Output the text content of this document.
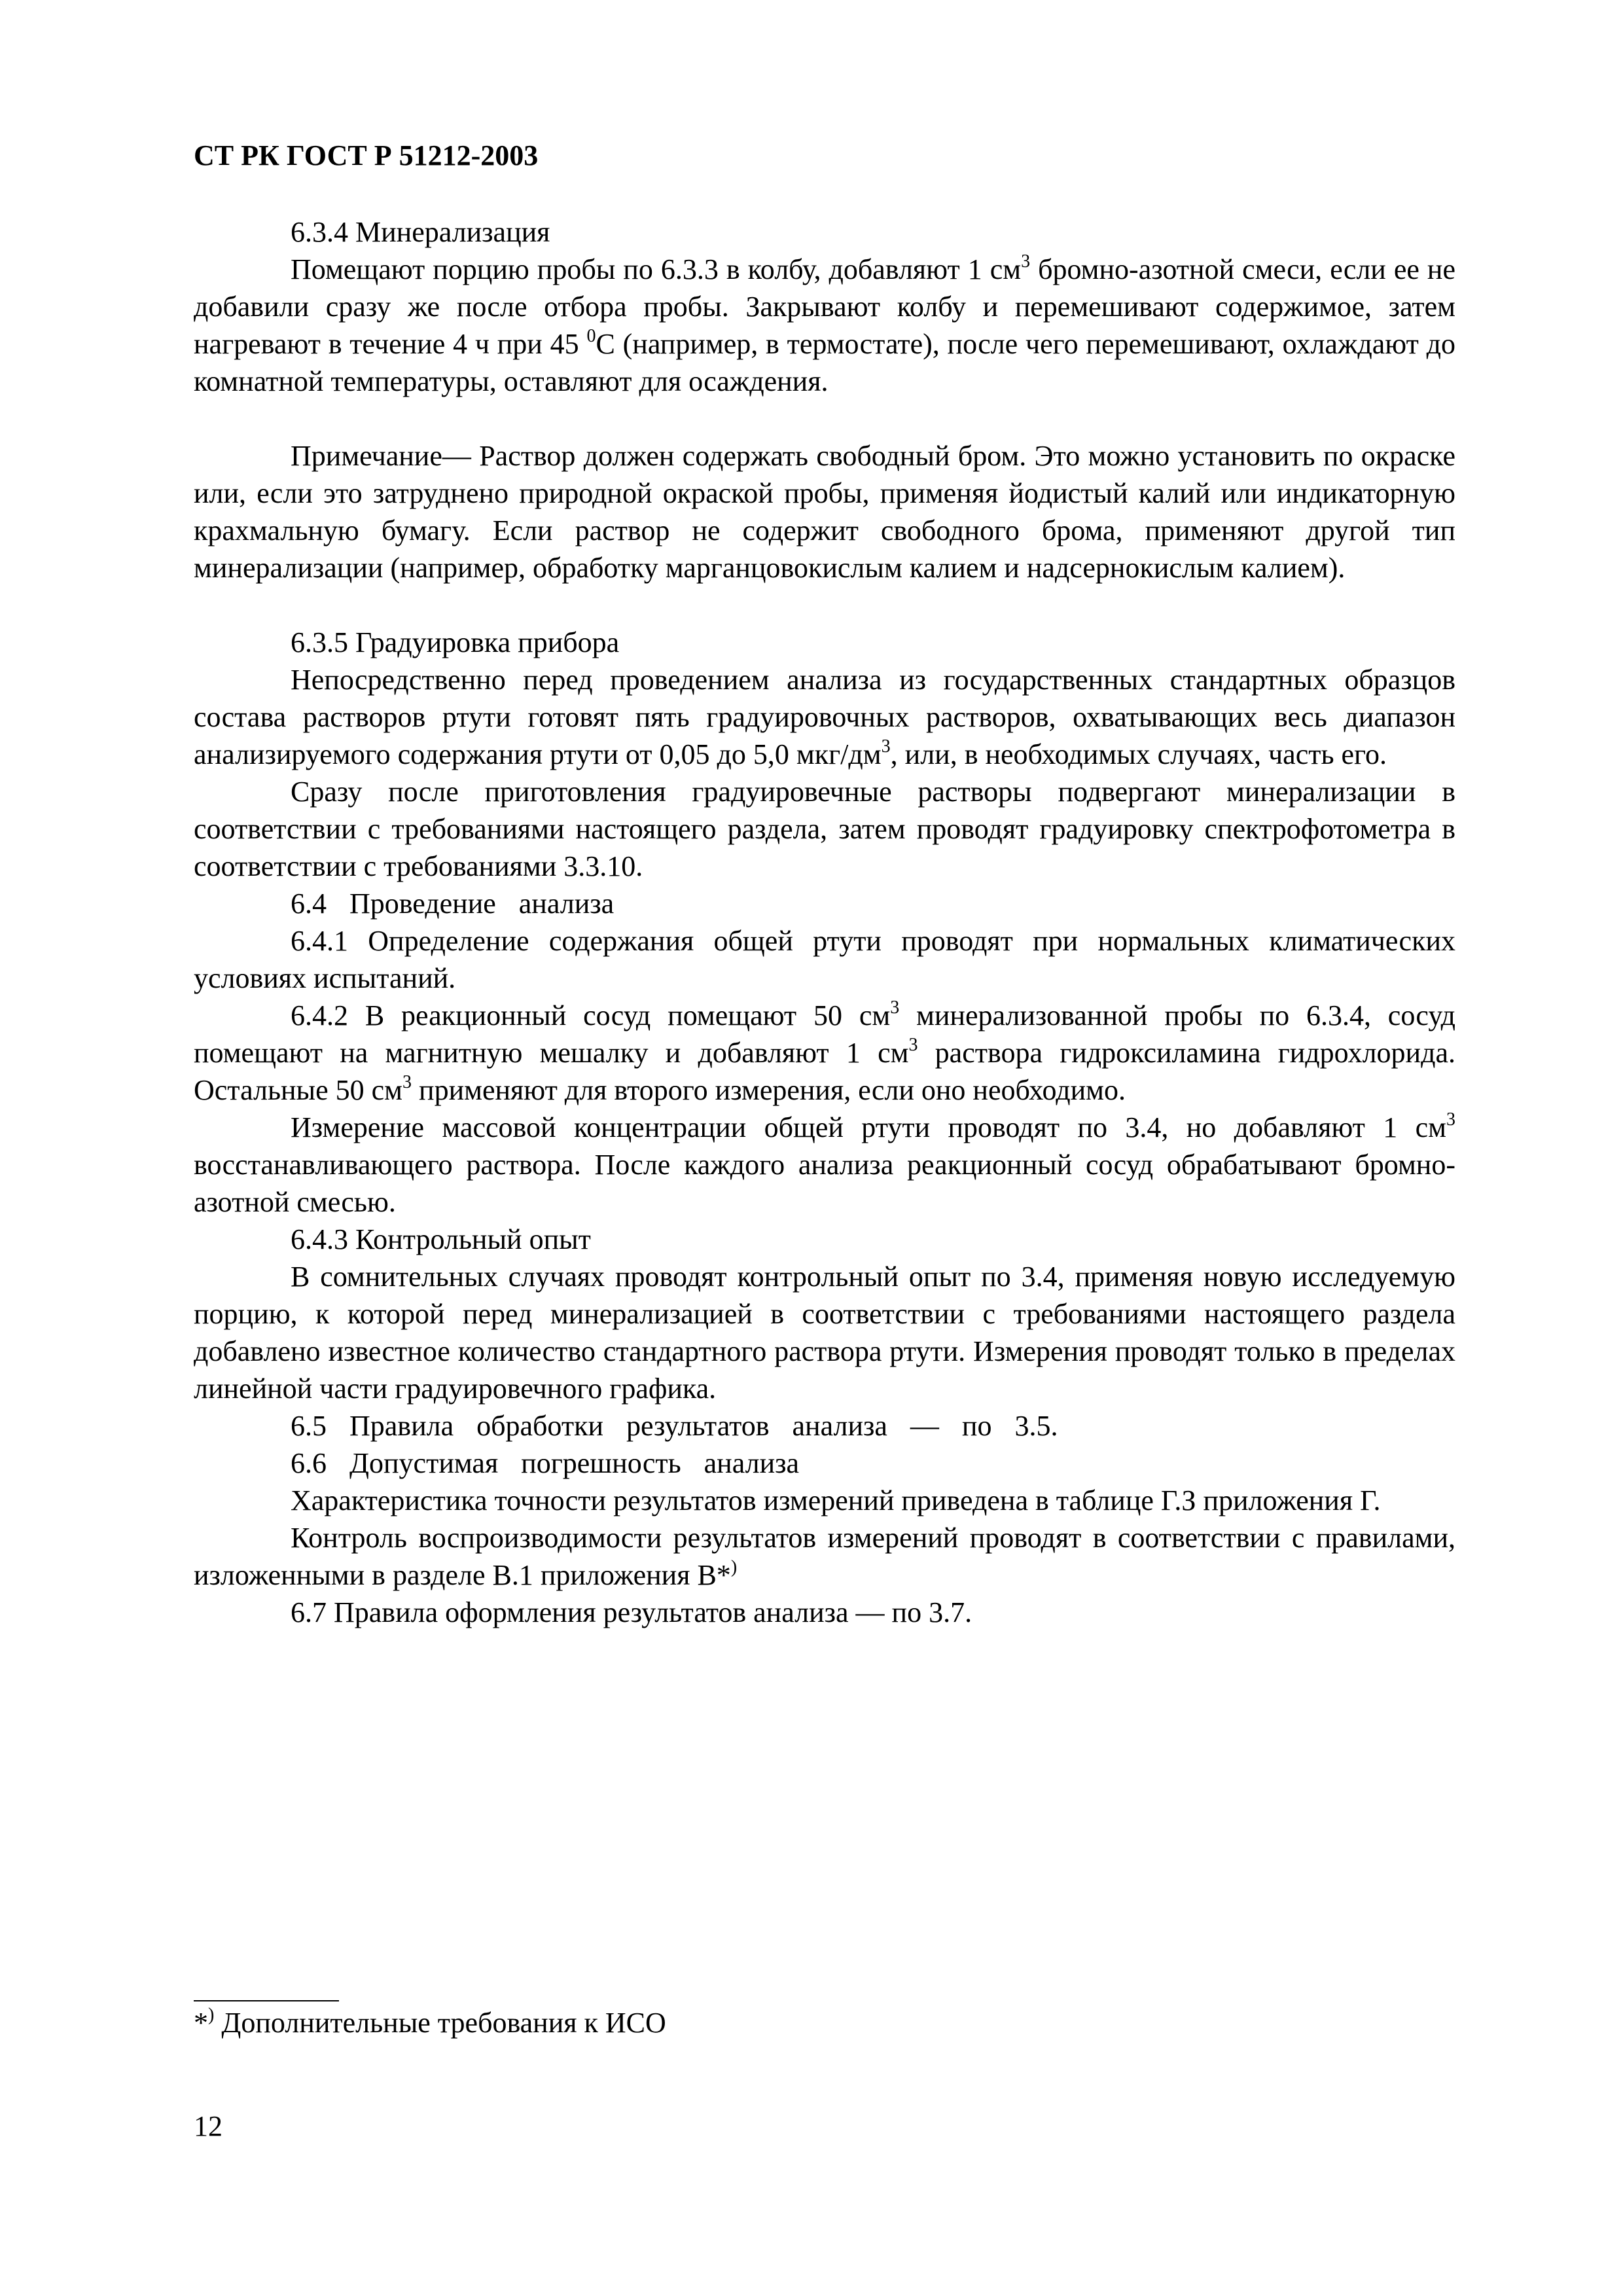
СТ РК ГОСТ Р 51212-2003

6.3.4 Минерализация

Помещают порцию пробы по 6.3.3 в колбу, добавляют 1 $см^3$ бромно-азотной смеси, если ее не добавили сразу же после отбора пробы. Закрывают колбу и перемешивают содержимое, затем нагревают в течение 4 ч при 45 $^0$С (например, в термостате), после чего перемешивают, охлаждают до комнатной температуры, оставляют для осаждения.

Примечание— Раствор должен содержать свободный бром. Это можно установить по окраске или, если это затруднено природной окраской пробы, применяя йодистый калий или индикаторную крахмальную бумагу. Если раствор не содержит свободного брома, применяют другой тип минерализации (например, обработку марганцовокислым калием и надсернокислым калием).

6.3.5 Градуировка прибора

Непосредственно перед проведением анализа из государственных стандартных образцов состава растворов ртути готовят пять градуировочных растворов, охватывающих весь диапазон анализируемого содержания ртути от 0,05 до 5,0 мкг/$дм^3$, или, в необходимых случаях, часть его.

Сразу после приготовления градуировечные растворы подвергают минерализации в соответствии с требованиями настоящего раздела, затем проводят градуировку спектрофотометра в соответствии с требованиями 3.3.10.

6.4 Проведение анализа

6.4.1 Определение содержания общей ртути проводят при нормальных климатических условиях испытаний.

6.4.2 В реакционный сосуд помещают 50 $см^3$ минерализованной пробы по 6.3.4, сосуд помещают на магнитную мешалку и добавляют 1 $см^3$ раствора гидроксиламина гидрохлорида. Остальные 50 $см^3$ применяют для второго измерения, если оно необходимо.

Измерение массовой концентрации общей ртути проводят по 3.4, но добавляют 1 $см^3$ восстанавливающего раствора. После каждого анализа реакционный сосуд обрабатывают бромно-азотной смесью.

6.4.3 Контрольный опыт

В сомнительных случаях проводят контрольный опыт по 3.4, применяя новую исследуемую порцию, к которой перед минерализацией в соответствии с требованиями настоящего раздела добавлено известное количество стандартного раствора ртути. Измерения проводят только в пределах линейной части градуировечного графика.

6.5 Правила обработки результатов анализа — по 3.5.

6.6 Допустимая погрешность анализа

Характеристика точности результатов измерений приведена в таблице Г.З приложения Г.

Контроль воспроизводимости результатов измерений проводят в соответствии с правилами, изложенными в разделе В.1 приложения В*)

6.7 Правила оформления результатов анализа — по 3.7.

*) Дополнительные требования к ИСО
12
